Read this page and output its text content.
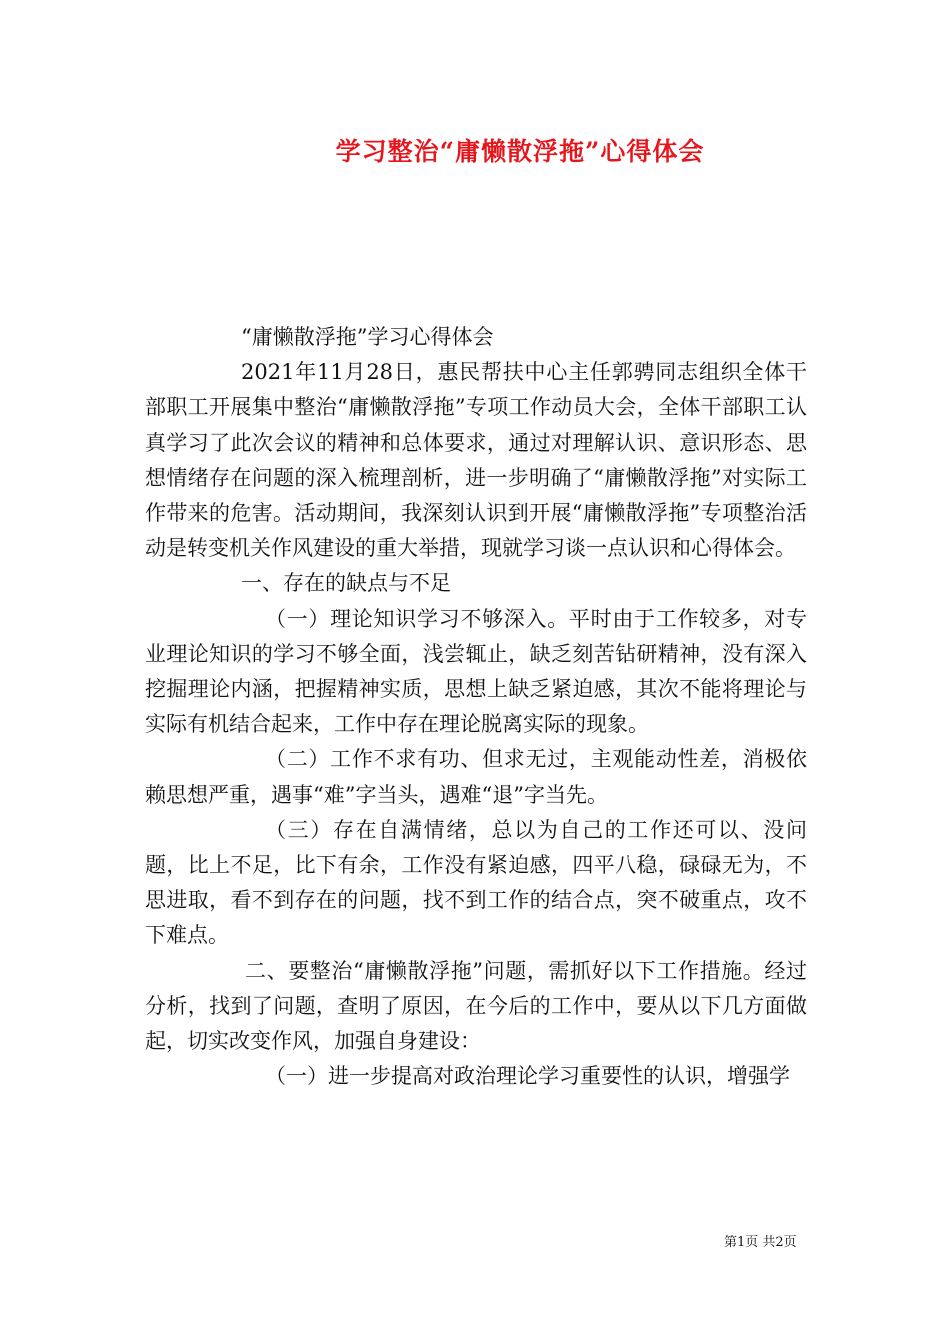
学习整治“庸懒散浮拖”心得体会

“庸懒散浮拖”学习心得体会

2021年11月28日，惠民帮扶中心主任郭骋同志组织全体干部职工开展集中整治“庸懒散浮拖”专项工作动员大会，全体干部职工认真学习了此次会议的精神和总体要求，通过对理解认识、意识形态、思想情绪存在问题的深入梳理剖析，进一步明确了“庸懒散浮拖”对实际工作带来的危害。活动期间，我深刻认识到开展“庸懒散浮拖”专项整治活动是转变机关作风建设的重大举措，现就学习谈一点认识和心得体会。

一、存在的缺点与不足

（一）理论知识学习不够深入。平时由于工作较多，对专业理论知识的学习不够全面，浅尝辄止，缺乏刻苦钻研精神，没有深入挖掘理论内涵，把握精神实质，思想上缺乏紧迫感，其次不能将理论与实际有机结合起来，工作中存在理论脱离实际的现象。

（二）工作不求有功、但求无过，主观能动性差，消极依赖思想严重，遇事“难”字当头，遇难“退”字当先。

（三）存在自满情绪，总以为自己的工作还可以、没问题，比上不足，比下有余，工作没有紧迫感，四平八稳，碌碌无为，不思进取，看不到存在的问题，找不到工作的结合点，突不破重点，攻不下难点。

二、要整治“庸懒散浮拖”问题，需抓好以下工作措施。经过分析，找到了问题，查明了原因，在今后的工作中，要从以下几方面做起，切实改变作风，加强自身建设：

（一）进一步提高对政治理论学习重要性的认识，增强学

第1页 共2页
